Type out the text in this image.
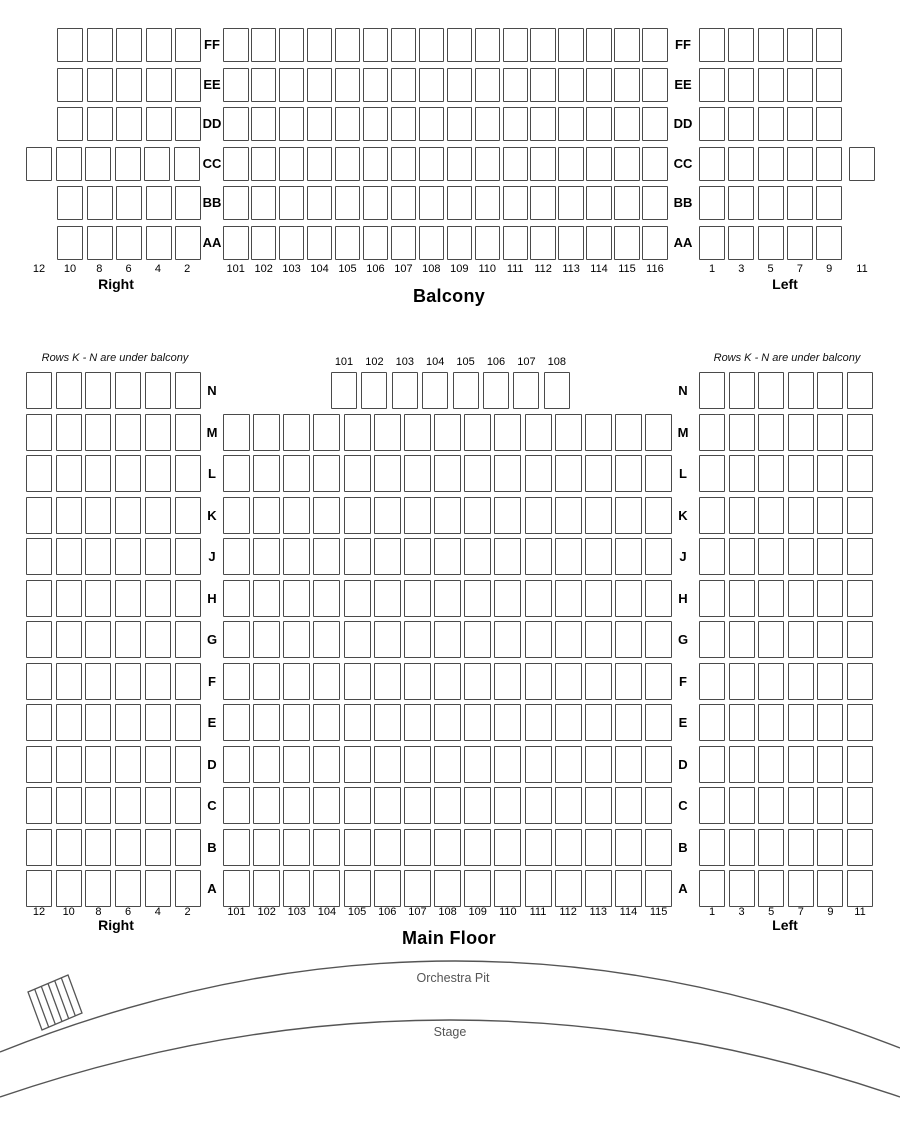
Balcony
Right	Left
Rows K - N are under balcony	Rows K - N are under balcony
Main Floor
Right	Left
FF	FF
EE	EE
DD	DD
CC	CC
BB	BB
AA	AA
12	10	8	6	4	2	101 102 103 104 105 106 107 108 109 110 111 112 113 114 115 116	1	3	5	7	9	11
N	N
M	M
L	L
K	K
J	J
H	H
G	G
F	F
E	E
D	D
C	C
B	B
A	A
101	102	103	104	105	106	107	108
12	10	8	6	4	2	101	102	103	104	105	106	107	108	109	110	111	112	113	114	115	1	3	5	7	9	11
Orchestra Pit
Stage
